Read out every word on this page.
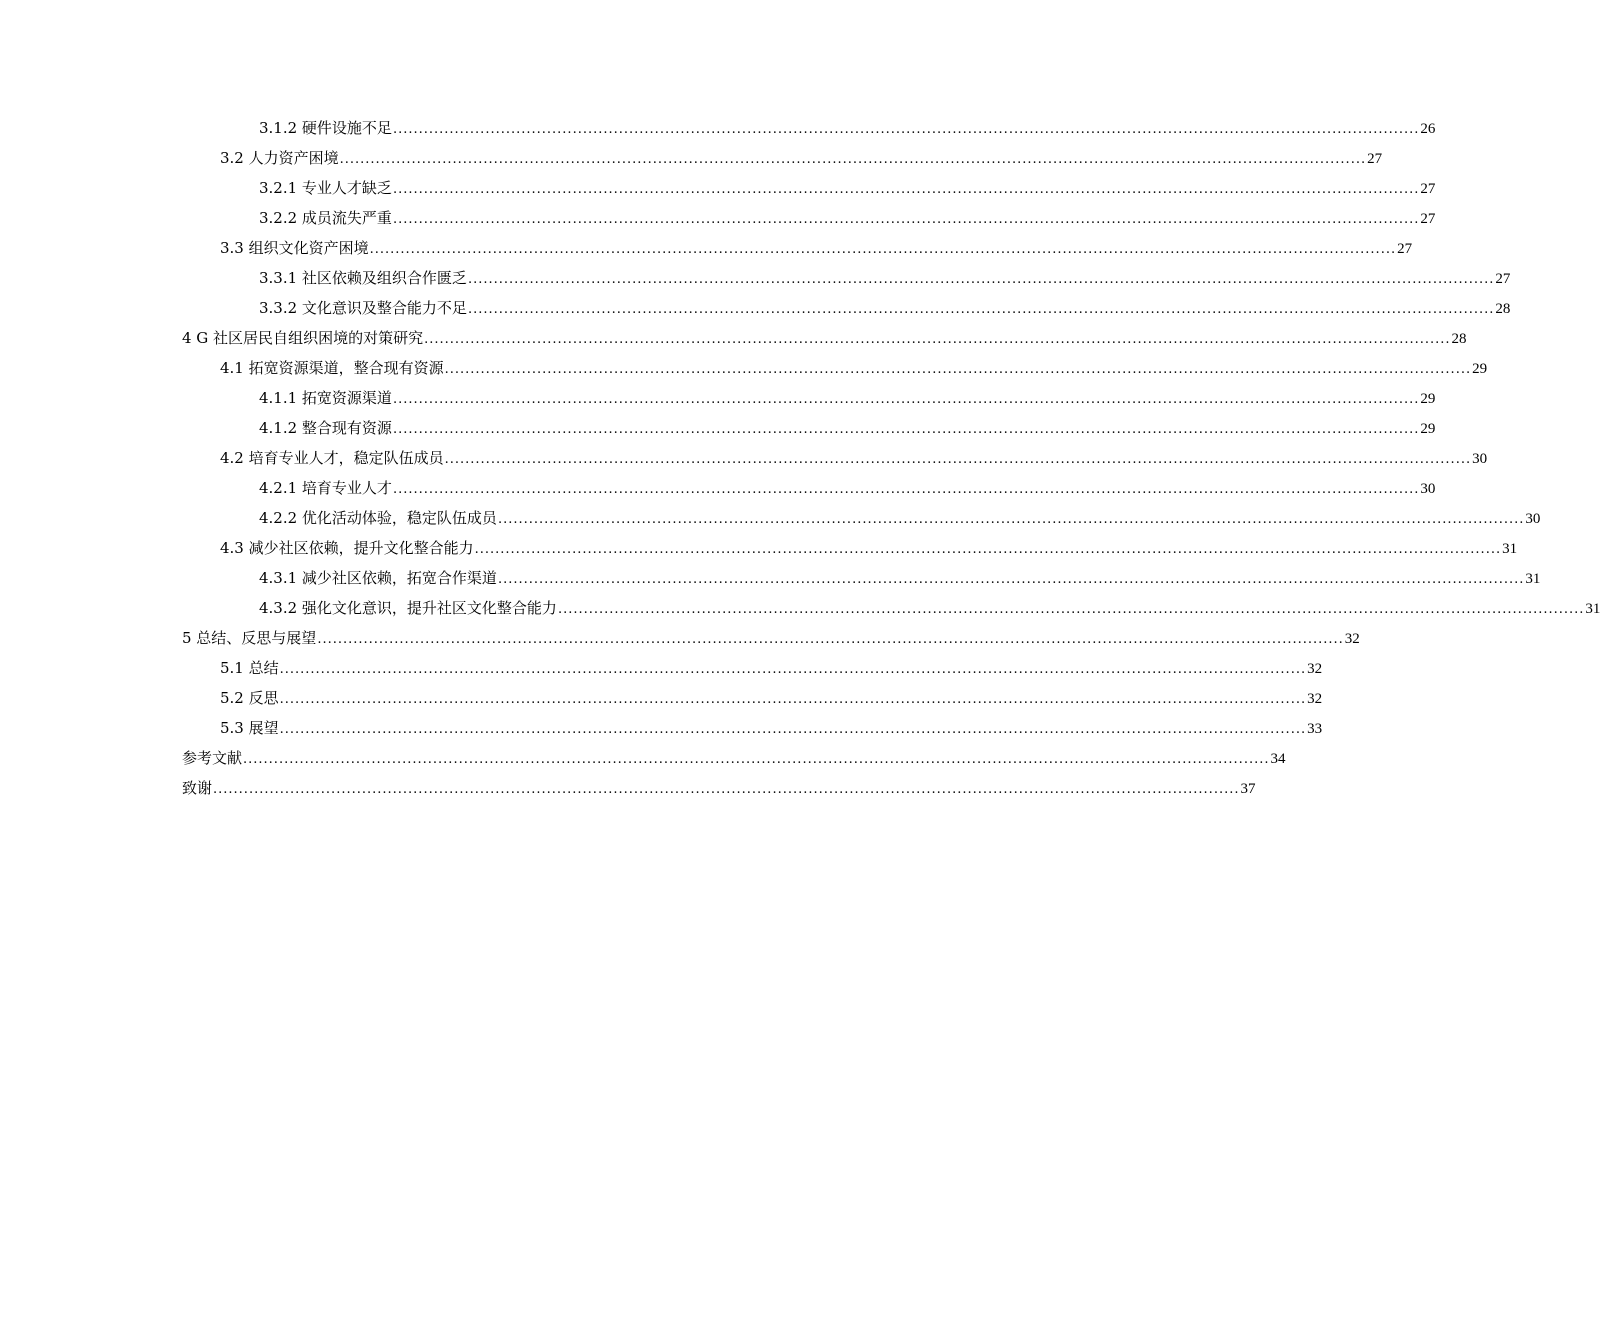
3.1.2 硬件设施不足 ........................................................................................................................................................................................................ 26
3.2 人力资产困境 ........................................................................................................................................................................................................ 27
3.2.1 专业人才缺乏 ........................................................................................................................................................................................................ 27
3.2.2 成员流失严重 ........................................................................................................................................................................................................ 27
3.3 组织文化资产困境 ........................................................................................................................................................................................................ 27
3.3.1 社区依赖及组织合作匮乏 ........................................................................................................................................................................................................ 27
3.3.2 文化意识及整合能力不足 ........................................................................................................................................................................................................ 28
4 G 社区居民自组织困境的对策研究 ........................................................................................................................................................................................................ 28
4.1 拓宽资源渠道，整合现有资源 ........................................................................................................................................................................................................ 29
4.1.1 拓宽资源渠道 ........................................................................................................................................................................................................ 29
4.1.2 整合现有资源 ........................................................................................................................................................................................................ 29
4.2 培育专业人才，稳定队伍成员 ........................................................................................................................................................................................................ 30
4.2.1 培育专业人才 ........................................................................................................................................................................................................ 30
4.2.2 优化活动体验，稳定队伍成员 ........................................................................................................................................................................................................ 30
4.3 减少社区依赖，提升文化整合能力 ........................................................................................................................................................................................................ 31
4.3.1 减少社区依赖，拓宽合作渠道 ........................................................................................................................................................................................................ 31
4.3.2 强化文化意识，提升社区文化整合能力 ........................................................................................................................................................................................................ 31
5 总结、反思与展望 ........................................................................................................................................................................................................ 32
5.1 总结 ........................................................................................................................................................................................................ 32
5.2 反思 ........................................................................................................................................................................................................ 32
5.3 展望 ........................................................................................................................................................................................................ 33
参考文献 ........................................................................................................................................................................................................ 34
致谢 ........................................................................................................................................................................................................ 37
